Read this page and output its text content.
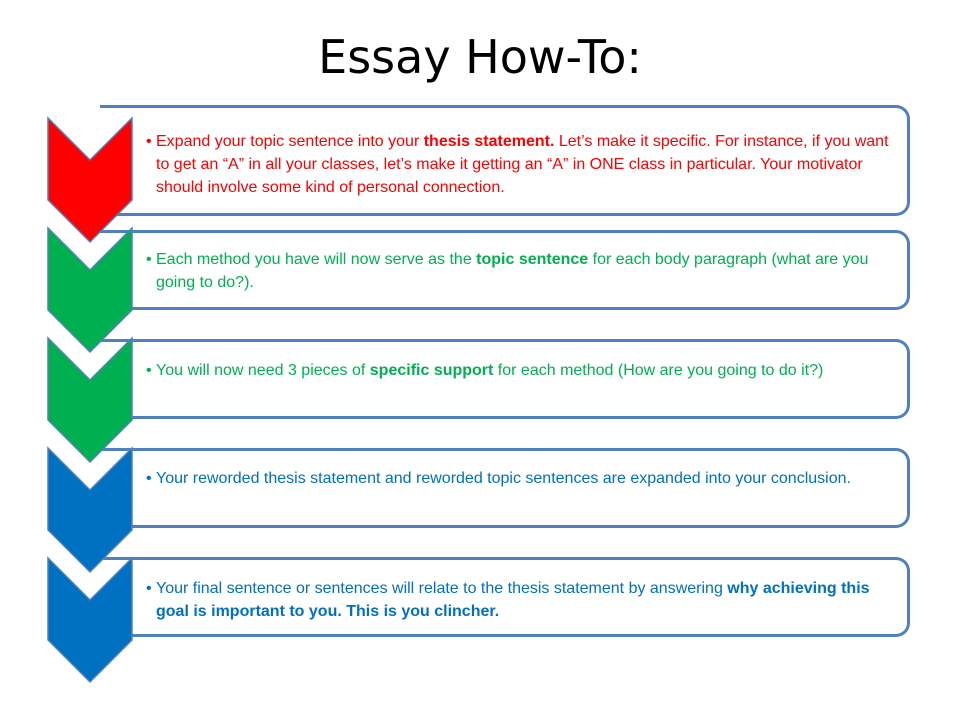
Essay How-To:
• Expand your topic sentence into your thesis statement. Let’s make it specific. For instance, if you want to get an “A” in all your classes, let’s make it getting an “A” in ONE class in particular. Your motivator should involve some kind of personal connection.
• Each method you have will now serve as the topic sentence for each body paragraph (what are you going to do?).
• You will now need 3 pieces of specific support for each method (How are you going to do it?)
• Your reworded thesis statement and reworded topic sentences are expanded into your conclusion.
• Your final sentence or sentences will relate to the thesis statement by answering why achieving this goal is important to you. This is you clincher.
